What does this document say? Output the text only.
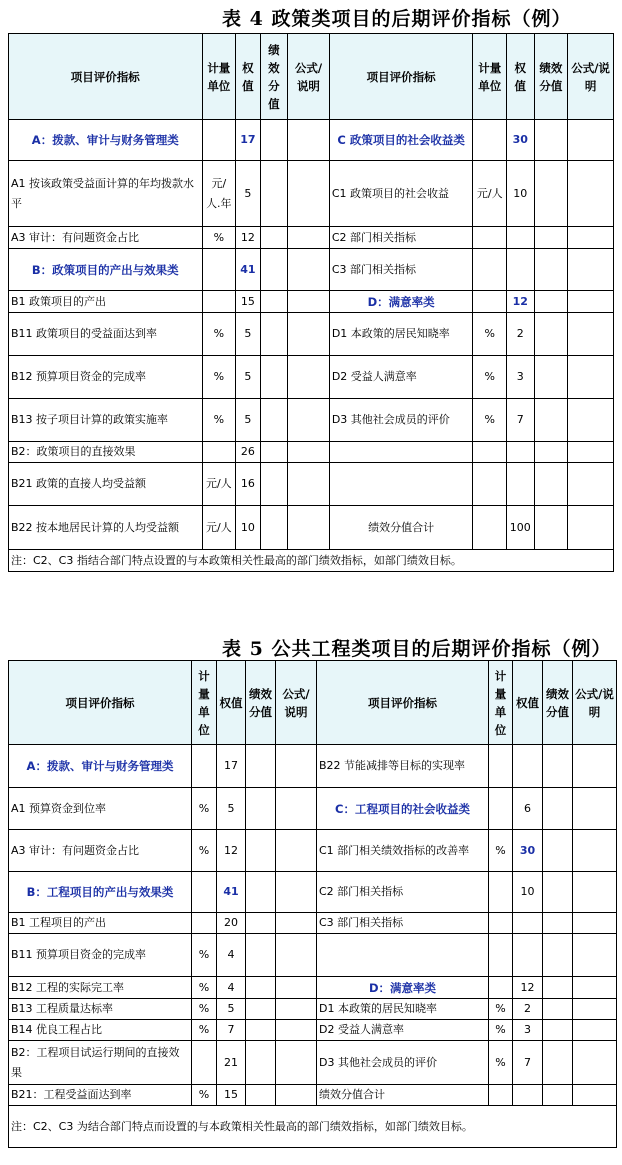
表 4 政策类项目的后期评价指标（例）
项目评价指标	计量单位	权值	绩效分值	公式/说明	项目评价指标	计量单位	权值	绩效分值	公式/说明
A：拨款、审计与财务管理类		17			C 政策项目的社会收益类		30		
A1 按该政策受益面计算的年均拨款水平	元/人.年	5			C1 政策项目的社会收益	元/人	10		
A3 审计：有问题资金占比	%	12			C2 部门相关指标				
B：政策项目的产出与效果类		41			C3 部门相关指标				
B1 政策项目的产出		15			D：满意率类		12		
B11 政策项目的受益面达到率	%	5			D1 本政策的居民知晓率	%	2		
B12 预算项目资金的完成率	%	5			D2 受益人满意率	%	3		
B13 按子项目计算的政策实施率	%	5			D3 其他社会成员的评价	%	7		
B2：政策项目的直接效果		26							
B21 政策的直接人均受益额	元/人	16							
B22 按本地居民计算的人均受益额	元/人	10			绩效分值合计		100		
注：C2、C3 指结合部门特点设置的与本政策相关性最高的部门绩效指标，如部门绩效目标。									
表 5 公共工程类项目的后期评价指标（例）
项目评价指标	计量单位	权值	绩效分值	公式/说明	项目评价指标	计量单位	权值	绩效分值	公式/说明
A：拨款、审计与财务管理类		17			B22 节能减排等目标的实现率				
A1 预算资金到位率	%	5			C：工程项目的社会收益类		6		
A3 审计：有问题资金占比	%	12			C1 部门相关绩效指标的改善率	%	30		
B：工程项目的产出与效果类		41			C2 部门相关指标		10		
B1 工程项目的产出		20			C3 部门相关指标				
B11 预算项目资金的完成率	%	4							
B12 工程的实际完工率	%	4			D：满意率类		12		
B13 工程质量达标率	%	5			D1 本政策的居民知晓率	%	2		
B14 优良工程占比	%	7			D2 受益人满意率	%	3		
B2：工程项目试运行期间的直接效果		21			D3 其他社会成员的评价	%	7		
B21：工程受益面达到率	%	15			绩效分值合计				
注：C2、C3 为结合部门特点而设置的与本政策相关性最高的部门绩效指标，如部门绩效目标。									
